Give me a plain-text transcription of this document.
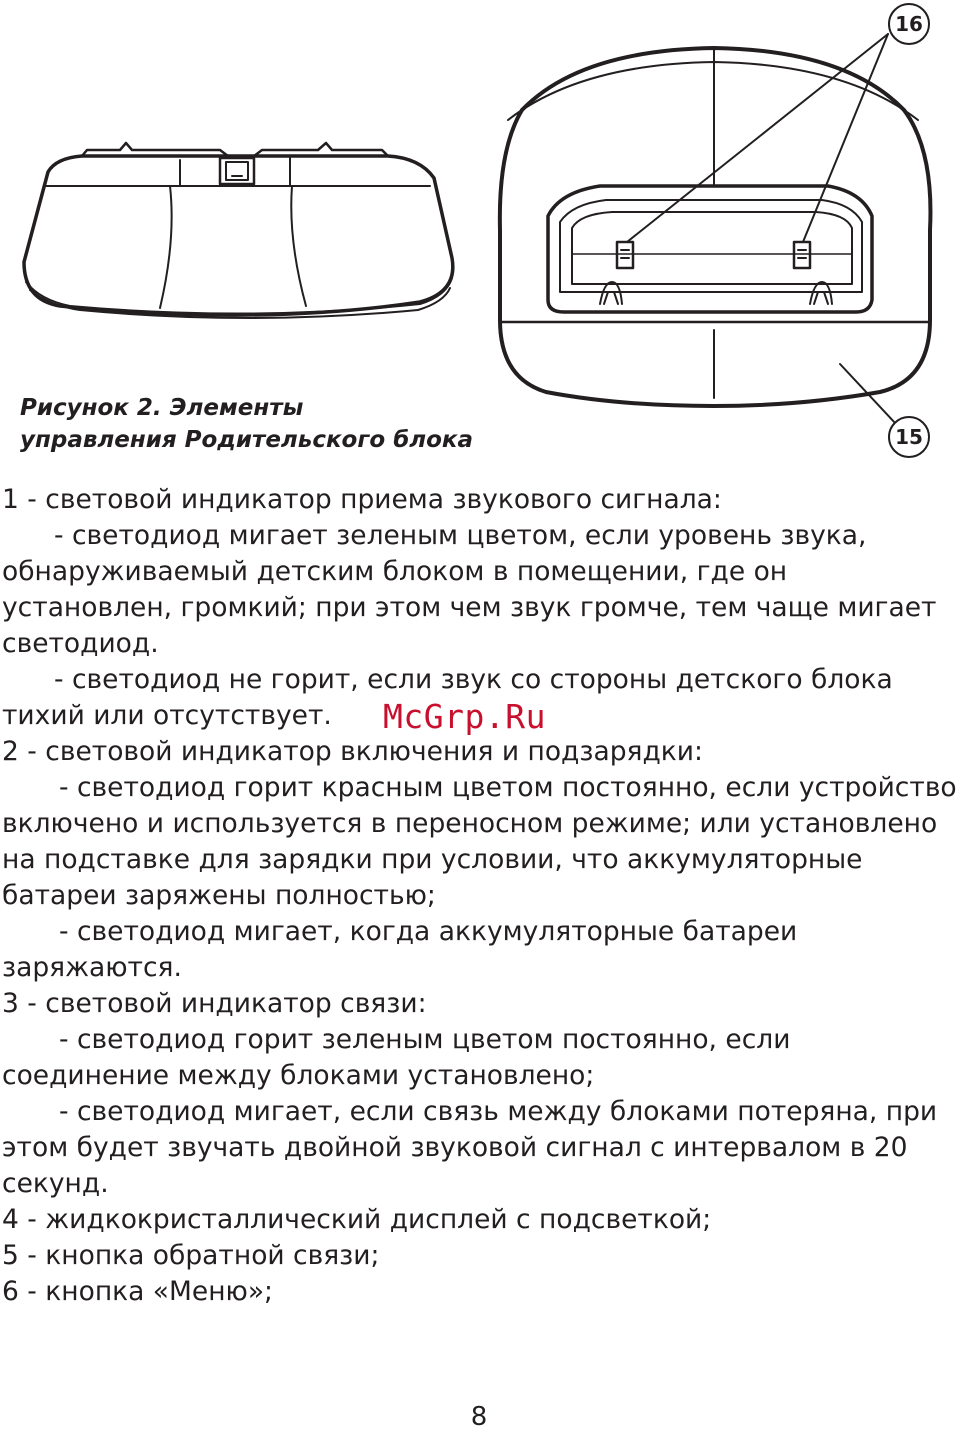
16
15
Рисунок 2. Элементы
управления Родительского блока

1 - световой индикатор приема звукового сигнала:

- светодиод мигает зеленым цветом, если уровень звука, обнаруживаемый детским блоком в помещении, где он установлен, громкий; при этом чем звук громче, тем чаще мигает светодиод.

- светодиод не горит, если звук со стороны детского блока тихий или отсутствует.

2 - световой индикатор включения и подзарядки:

- светодиод горит красным цветом постоянно, если устройство включено и используется в переносном режиме; или установлено на подставке для зарядки при условии, что аккумуляторные батареи заряжены полностью;

- светодиод мигает, когда аккумуляторные батареи заряжаются.

3 - световой индикатор связи:

- светодиод горит зеленым цветом постоянно, если соединение между блоками установлено;

- светодиод мигает, если связь между блоками потеряна, при этом будет звучать двойной звуковой сигнал с интервалом в 20 секунд.

4 - жидкокристаллический дисплей с подсветкой;

5 - кнопка обратной связи;

6 - кнопка «Меню»;

McGrp.Ru
8
